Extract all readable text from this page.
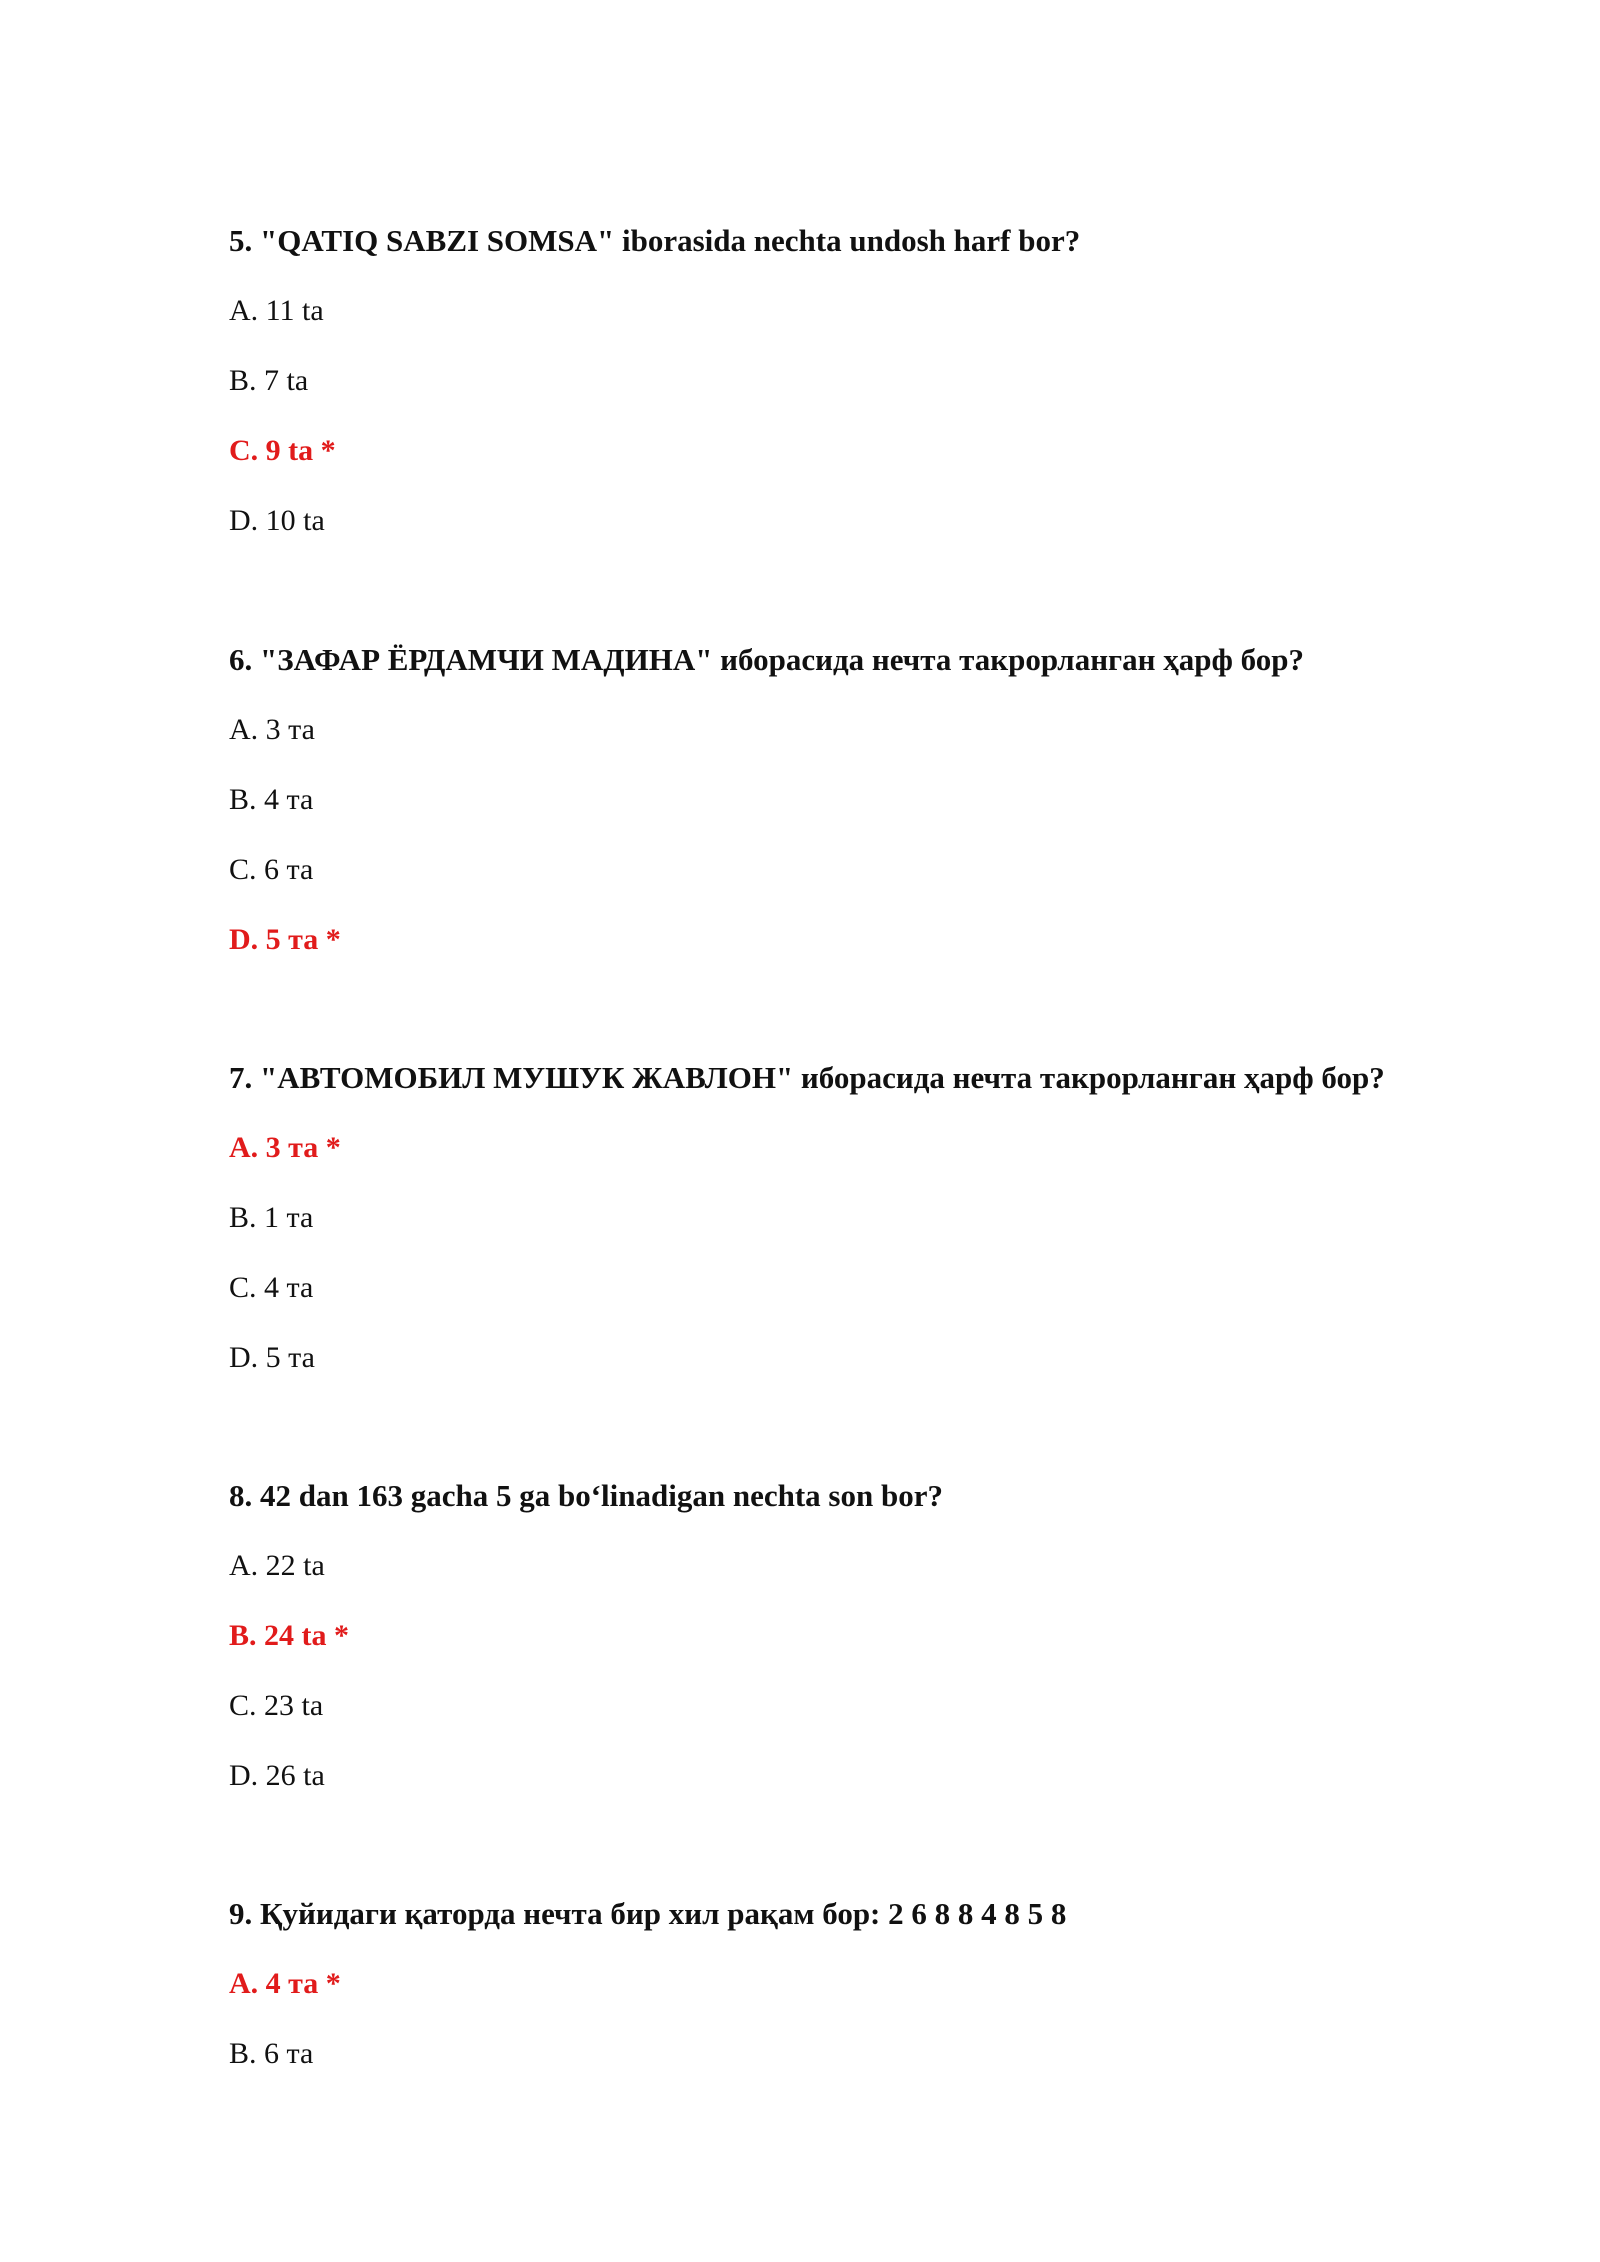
5. "QATIQ SABZI SOMSA" iborasida nechta undosh harf bor?
A. 11 ta
B. 7 ta
C. 9 ta *
D. 10 ta
6. "ЗАФАР ЁРДАМЧИ МАДИНА" иборасида нечта такрорланган ҳарф бор?
A. 3 та
B. 4 та
C. 6 та
D. 5 та *
7. "АВТОМОБИЛ МУШУК ЖАВЛОН" иборасида нечта такрорланган ҳарф бор?
A. 3 та *
B. 1 та
C. 4 та
D. 5 та
8. 42 dan 163 gacha 5 ga bo‘linadigan nechta son bor?
A. 22 ta
B. 24 ta *
C. 23 ta
D. 26 ta
9. Қуйидаги қаторда нечта бир хил рақам бор: 2 6 8 8 4 8 5 8
A. 4 та *
B. 6 та
